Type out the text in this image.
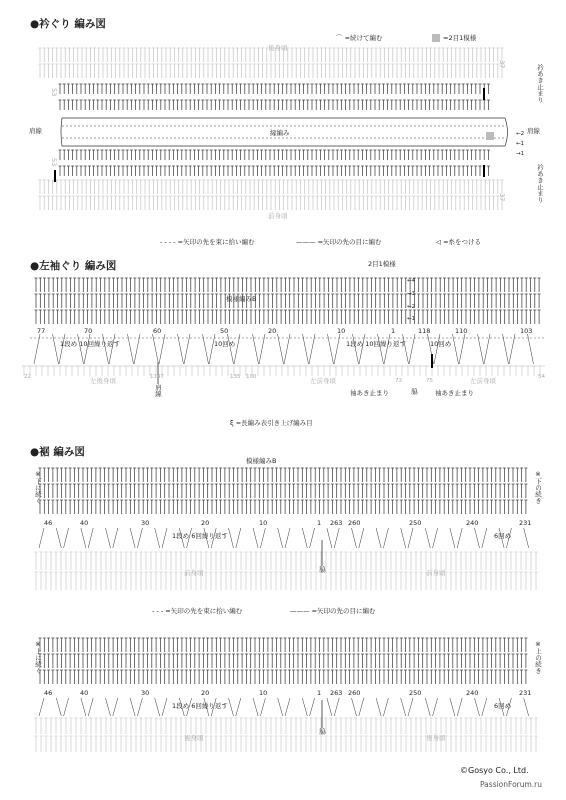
●衿ぐり 編み図
⌒ =続けて編む	=2目1模様
後身頃
前身頃
肩線	肩線
縁編み
衿あき止まり
衿あき止まり
←2
←1
→1
53
53
37
37
- - - - =矢印の先を束に拾い編む	——— =矢印の先の目に編む	◁ =糸をつける
●左袖ぐり 編み図	2目1模様
模様編みB
←4
→3
←2
←1
77	70	60	50	20	10	1	118	110	103
1段め 10回繰り返す	10回め	1段め 10回繰り返す	10回め
22	1147	135 100	54
左後身頃	左前身頃	左前身頃
73	75
肩線	袖あき止まり	袖あき止まり
脇
ξ =長編み表引き上げ編み目
●裾 編み図
模様編みB
※下に続く	※下の続き
46	40	30	20	10	1 263 260	250	240	231
1段め 6回繰り返す	6回め
前身頃	前身頃
脇
- - - =矢印の先を束に拾い編む	——— =矢印の先の目に編む
※上に続く	※上の続き
46	40	30	20	10	1 263 260	250	240	231
1段め 6回繰り返す	6回め
後身頃	後身頃
脇
©Gosyo Co., Ltd.
PassionForum.ru
